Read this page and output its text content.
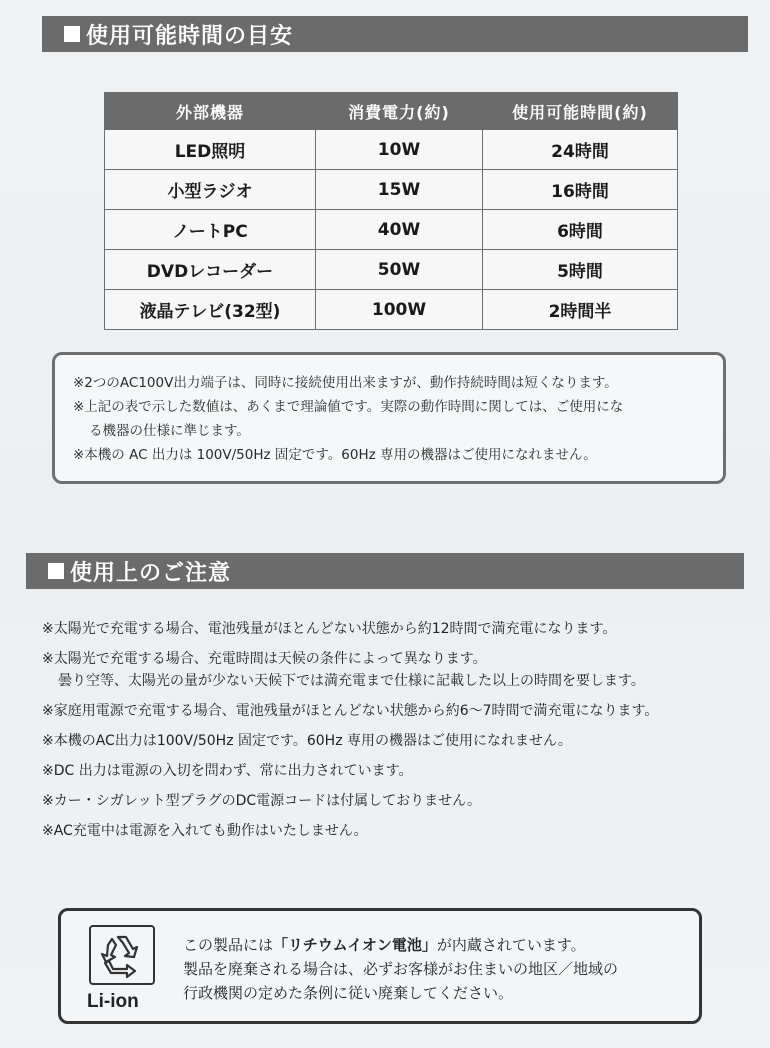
使用可能時間の目安
外部機器	消費電力(約)	使用可能時間(約)
LED照明	10W	24時間
小型ラジオ	15W	16時間
ノートPC	40W	6時間
DVDレコーダー	50W	5時間
液晶テレビ(32型)	100W	2時間半
※2つのAC100V出力端子は、同時に接続使用出来ますが、動作持続時間は短くなります。
※上記の表で示した数値は、あくまで理論値です。実際の動作時間に関しては、ご使用にな
る機器の仕様に準じます。
※本機の AC 出力は 100V/50Hz 固定です。60Hz 専用の機器はご使用になれません。
使用上のご注意
※太陽光で充電する場合、電池残量がほとんどない状態から約12時間で満充電になります。
※太陽光で充電する場合、充電時間は天候の条件によって異なります。
曇り空等、太陽光の量が少ない天候下では満充電まで仕様に記載した以上の時間を要します。
※家庭用電源で充電する場合、電池残量がほとんどない状態から約6〜7時間で満充電になります。
※本機のAC出力は100V/50Hz 固定です。60Hz 専用の機器はご使用になれません。
※DC 出力は電源の入切を問わず、常に出力されています。
※カー・シガレット型プラグのDC電源コードは付属しておりません。
※AC充電中は電源を入れても動作はいたしません。
Li-ion
この製品には「リチウムイオン電池」が内蔵されています。
製品を廃棄される場合は、必ずお客様がお住まいの地区／地域の
行政機関の定めた条例に従い廃棄してください。
